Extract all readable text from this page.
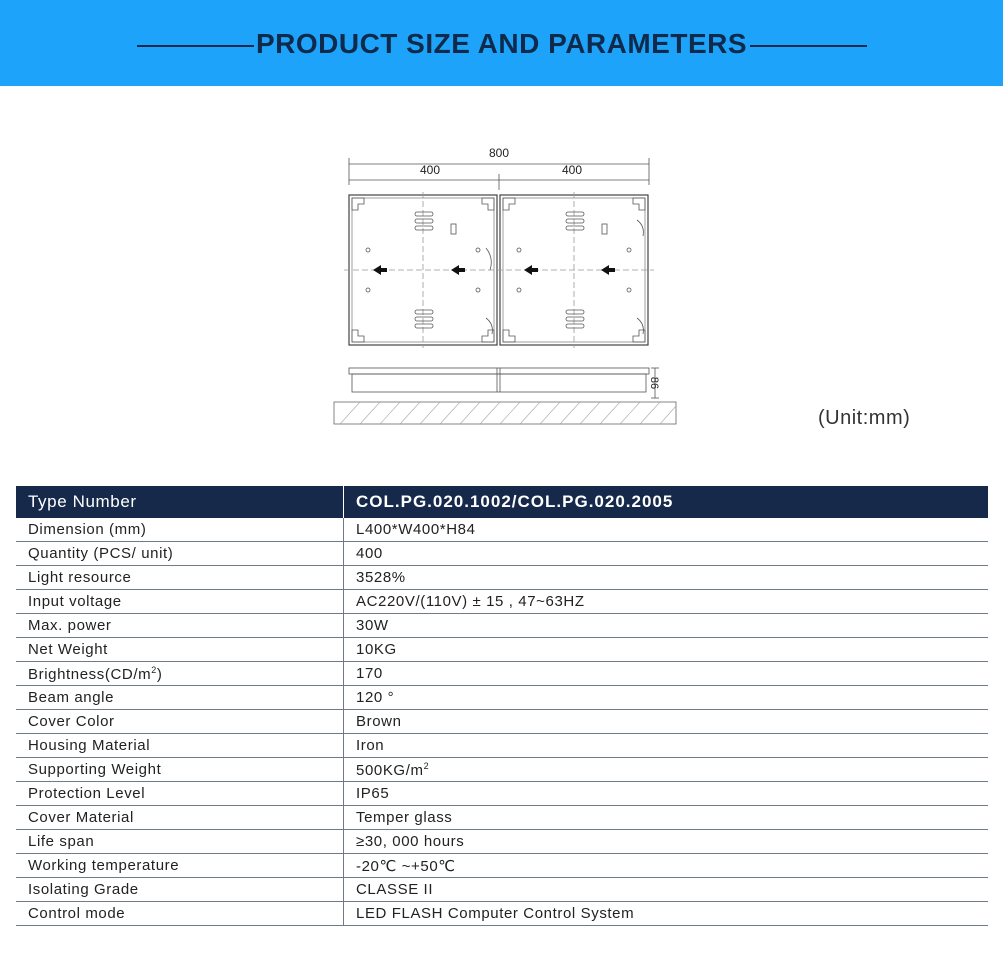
PRODUCT SIZE AND PARAMETERS
800
400	400
86
(Unit:mm)
Type Number	COL.PG.020.1002/COL.PG.020.2005
Dimension (mm)	L400*W400*H84
Quantity (PCS/ unit)	400
Light resource	3528%
Input voltage	AC220V/(110V) ± 15 , 47~63HZ
Max. power	30W
Net Weight	10KG
$Brightness(CD/m^2)$	170
Beam angle	120 °
Cover Color	Brown
Housing Material	Iron
Supporting Weight	$500KG/m^2$
Protection Level	IP65
Cover Material	Temper glass
Life span	≥30, 000 hours
Working temperature	-20℃ ~+50℃
Isolating Grade	CLASSE II
Control mode	LED FLASH Computer Control System
